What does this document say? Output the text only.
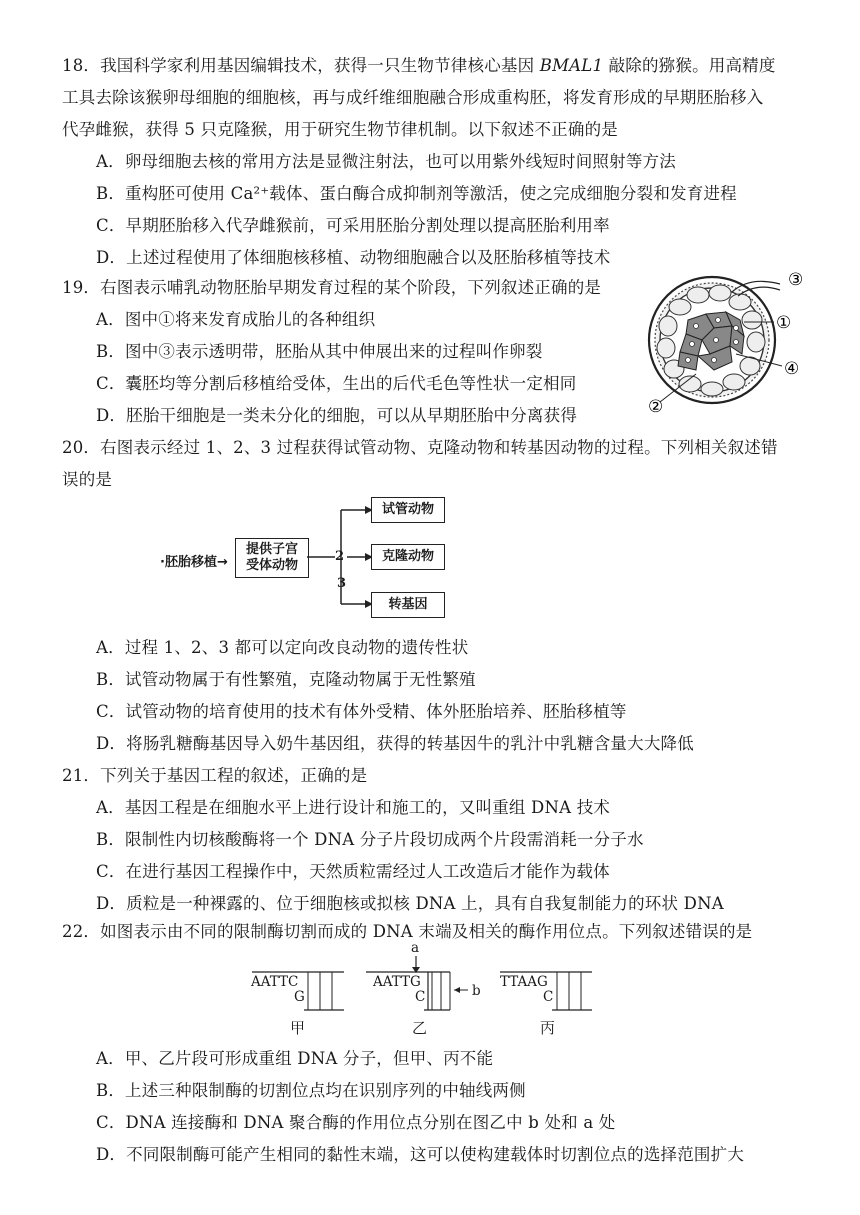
18．我国科学家利用基因编辑技术，获得一只生物节律核心基因 BMAL1 敲除的猕猴。用高精度
工具去除该猴卵母细胞的细胞核，再与成纤维细胞融合形成重构胚，将发育形成的早期胚胎移入
代孕雌猴，获得 5 只克隆猴，用于研究生物节律机制。以下叙述不正确的是
A．卵母细胞去核的常用方法是显微注射法，也可以用紫外线短时间照射等方法
B．重构胚可使用 Ca²⁺载体、蛋白酶合成抑制剂等激活，使之完成细胞分裂和发育进程
C．早期胚胎移入代孕雌猴前，可采用胚胎分割处理以提高胚胎利用率
D．上述过程使用了体细胞核移植、动物细胞融合以及胚胎移植等技术
19．右图表示哺乳动物胚胎早期发育过程的某个阶段，下列叙述正确的是
A．图中①将来发育成胎儿的各种组织
B．图中③表示透明带，胚胎从其中伸展出来的过程叫作卵裂
C．囊胚均等分割后移植给受体，生出的后代毛色等性状一定相同
D．胚胎干细胞是一类未分化的细胞，可以从早期胚胎中分离获得
③
①
④
②
20．右图表示经过 1、2、3 过程获得试管动物、克隆动物和转基因动物的过程。下列相关叙述错
误的是
·胚胎移植→
提供子宫
受体动物
2
3
试管动物
克隆动物
转基因
A．过程 1、2、3 都可以定向改良动物的遗传性状
B．试管动物属于有性繁殖，克隆动物属于无性繁殖
C．试管动物的培育使用的技术有体外受精、体外胚胎培养、胚胎移植等
D．将肠乳糖酶基因导入奶牛基因组，获得的转基因牛的乳汁中乳糖含量大大降低
21．下列关于基因工程的叙述，正确的是
A．基因工程是在细胞水平上进行设计和施工的，又叫重组 DNA 技术
B．限制性内切核酸酶将一个 DNA 分子片段切成两个片段需消耗一分子水
C．在进行基因工程操作中，天然质粒需经过人工改造后才能作为载体
D．质粒是一种裸露的、位于细胞核或拟核 DNA 上，具有自我复制能力的环状 DNA
22．如图表示由不同的限制酶切割而成的 DNA 末端及相关的酶作用位点。下列叙述错误的是
AATTC
G
甲
a
AATTG
C	b
乙
TTAAG
C
丙
A．甲、乙片段可形成重组 DNA 分子，但甲、丙不能
B．上述三种限制酶的切割位点均在识别序列的中轴线两侧
C．DNA 连接酶和 DNA 聚合酶的作用位点分别在图乙中 b 处和 a 处
D．不同限制酶可能产生相同的黏性末端，这可以使构建载体时切割位点的选择范围扩大
